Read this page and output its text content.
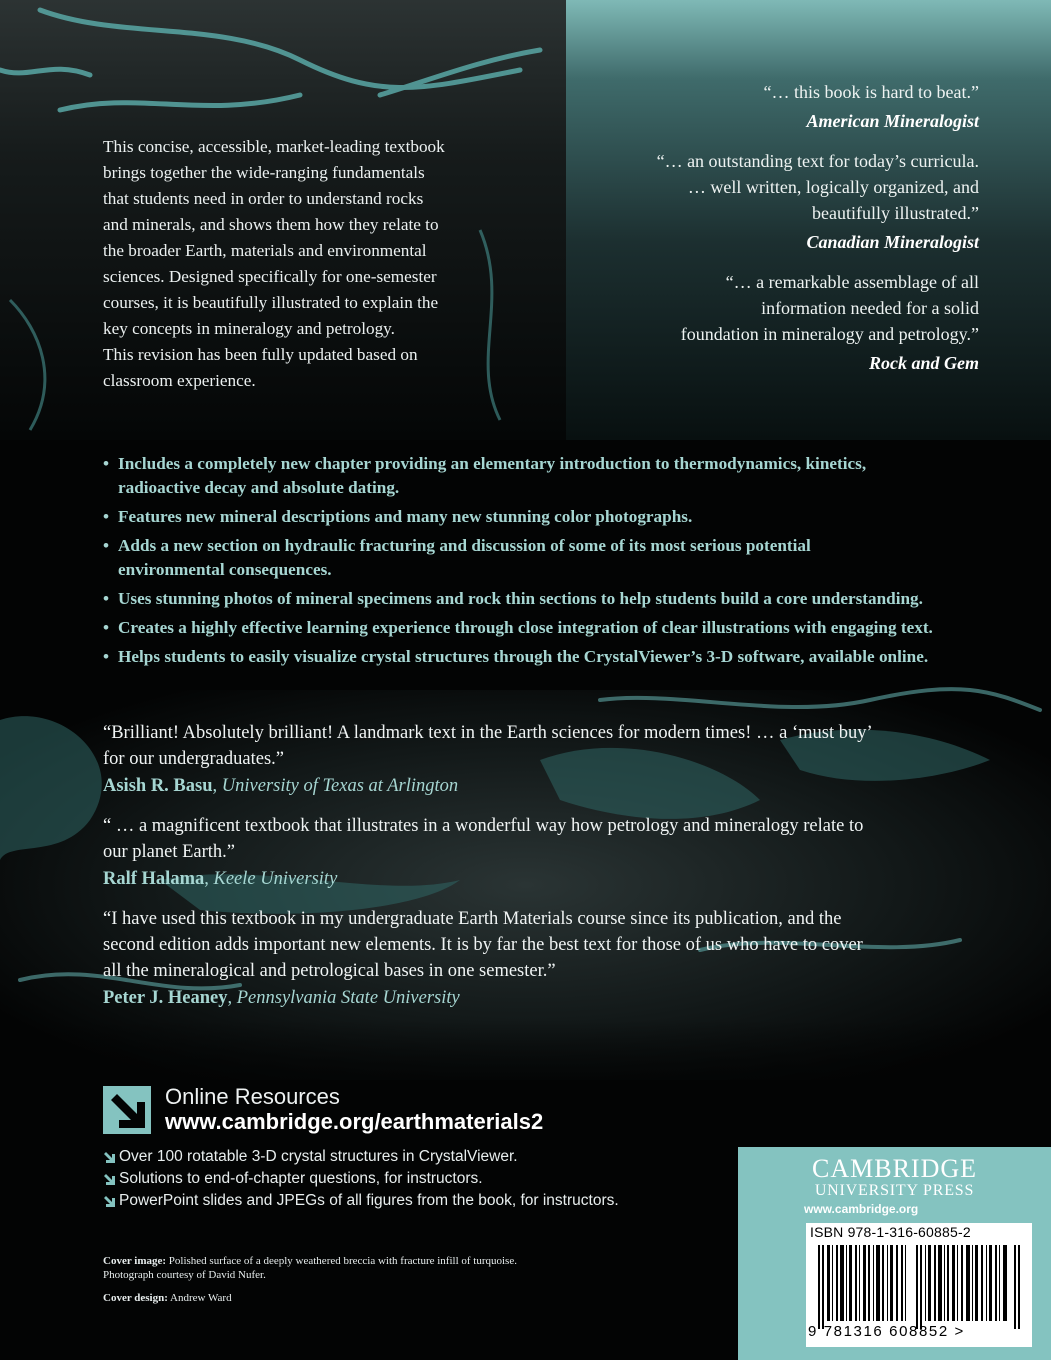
This concise, accessible, market-leading textbook
brings together the wide-ranging fundamentals
that students need in order to understand rocks
and minerals, and shows them how they relate to
the broader Earth, materials and environmental
sciences. Designed specifically for one-semester
courses, it is beautifully illustrated to explain the
key concepts in mineralogy and petrology.
This revision has been fully updated based on
classroom experience.
“… this book is hard to beat.”
American Mineralogist
“… an outstanding text for today’s curricula.
… well written, logically organized, and
beautifully illustrated.”
Canadian Mineralogist
“… a remarkable assemblage of all
information needed for a solid
foundation in mineralogy and petrology.”
Rock and Gem
• Includes a completely new chapter providing an elementary introduction to thermodynamics, kinetics,
radioactive decay and absolute dating.
• Features new mineral descriptions and many new stunning color photographs.
• Adds a new section on hydraulic fracturing and discussion of some of its most serious potential
environmental consequences.
• Uses stunning photos of mineral specimens and rock thin sections to help students build a core understanding.
• Creates a highly effective learning experience through close integration of clear illustrations with engaging text.
• Helps students to easily visualize crystal structures through the CrystalViewer’s 3-D software, available online.
“Brilliant! Absolutely brilliant! A landmark text in the Earth sciences for modern times! … a ‘must buy’
for our undergraduates.”
Asish R. Basu, University of Texas at Arlington
“ … a magnificent textbook that illustrates in a wonderful way how petrology and mineralogy relate to
our planet Earth.”
Ralf Halama, Keele University
“I have used this textbook in my undergraduate Earth Materials course since its publication, and the
second edition adds important new elements. It is by far the best text for those of us who have to cover
all the mineralogical and petrological bases in one semester.”
Peter J. Heaney, Pennsylvania State University
Online Resources
www.cambridge.org/earthmaterials2
Over 100 rotatable 3-D crystal structures in CrystalViewer.
Solutions to end-of-chapter questions, for instructors.
PowerPoint slides and JPEGs of all figures from the book, for instructors.
Cover image: Polished surface of a deeply weathered breccia with fracture infill of turquoise.
Photograph courtesy of David Nufer.
Cover design: Andrew Ward
CAMBRIDGE
UNIVERSITY PRESS
www.cambridge.org
ISBN 978-1-316-60885-2
9 781316 608852 >
